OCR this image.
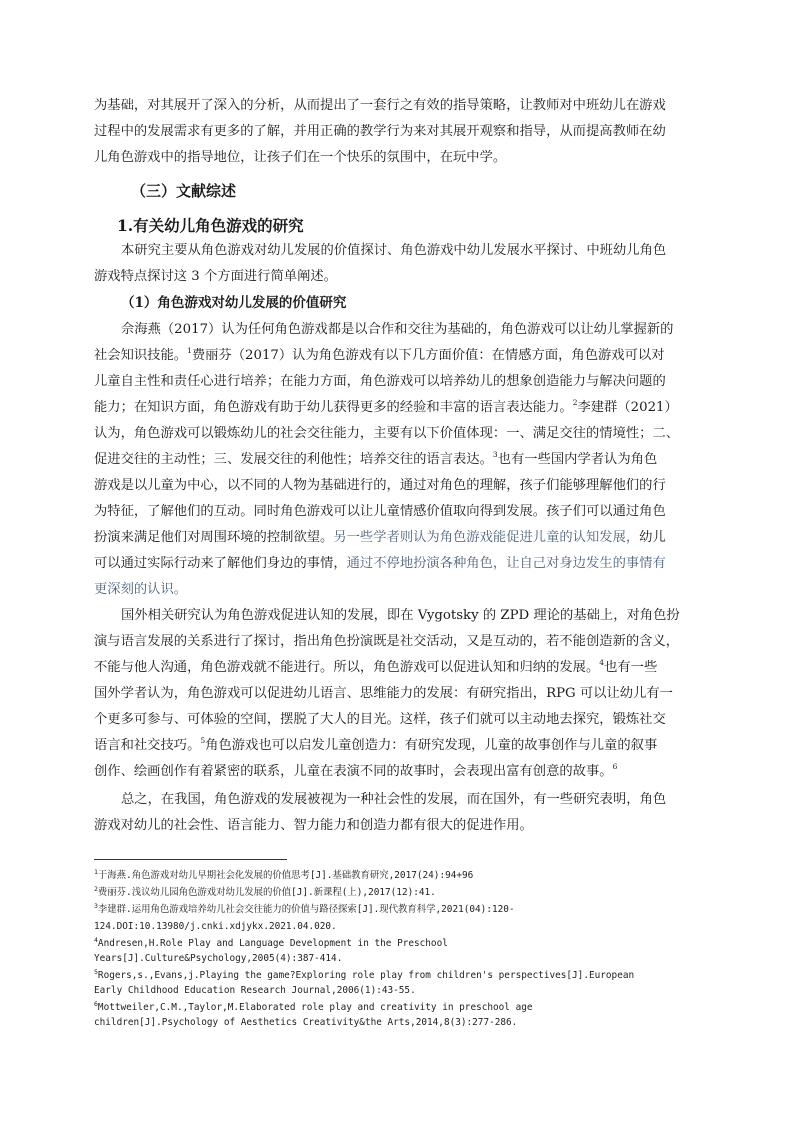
为基础，对其展开了深入的分析，从而提出了一套行之有效的指导策略，让教师对中班幼儿在游戏
过程中的发展需求有更多的了解，并用正确的教学行为来对其展开观察和指导，从而提高教师在幼
儿角色游戏中的指导地位，让孩子们在一个快乐的氛围中，在玩中学。
（三）文献综述
1.有关幼儿角色游戏的研究
本研究主要从角色游戏对幼儿发展的价值探讨、角色游戏中幼儿发展水平探讨、中班幼儿角色
游戏特点探讨这 3 个方面进行简单阐述。
（1）角色游戏对幼儿发展的价值研究
佘海燕（2017）认为任何角色游戏都是以合作和交往为基础的，角色游戏可以让幼儿掌握新的
社会知识技能。$^1$费丽芬（2017）认为角色游戏有以下几方面价值：在情感方面，角色游戏可以对
儿童自主性和责任心进行培养；在能力方面，角色游戏可以培养幼儿的想象创造能力与解决问题的
能力；在知识方面，角色游戏有助于幼儿获得更多的经验和丰富的语言表达能力。$^2$李建群（2021）
认为，角色游戏可以锻炼幼儿的社会交往能力，主要有以下价值体现：一、满足交往的情境性；二、
促进交往的主动性；三、发展交往的利他性；培养交往的语言表达。$^3$也有一些国内学者认为角色
游戏是以儿童为中心，以不同的人物为基础进行的，通过对角色的理解，孩子们能够理解他们的行
为特征，了解他们的互动。同时角色游戏可以让儿童情感价值取向得到发展。孩子们可以通过角色
扮演来满足他们对周围环境的控制欲望。另一些学者则认为角色游戏能促进儿童的认知发展，幼儿
可以通过实际行动来了解他们身边的事情，通过不停地扮演各种角色，让自己对身边发生的事情有
更深刻的认识。
国外相关研究认为角色游戏促进认知的发展，即在 Vygotsky 的 ZPD 理论的基础上，对角色扮
演与语言发展的关系进行了探讨，指出角色扮演既是社交活动，又是互动的，若不能创造新的含义，
不能与他人沟通，角色游戏就不能进行。所以，角色游戏可以促进认知和归纳的发展。$^4$也有一些
国外学者认为，角色游戏可以促进幼儿语言、思维能力的发展：有研究指出，RPG 可以让幼儿有一
个更多可参与、可体验的空间，摆脱了大人的目光。这样，孩子们就可以主动地去探究，锻炼社交
语言和社交技巧。$^5$角色游戏也可以启发儿童创造力：有研究发现，儿童的故事创作与儿童的叙事
创作、绘画创作有着紧密的联系，儿童在表演不同的故事时，会表现出富有创意的故事。$^6$
总之，在我国，角色游戏的发展被视为一种社会性的发展，而在国外，有一些研究表明，角色
游戏对幼儿的社会性、语言能力、智力能力和创造力都有很大的促进作用。
$^1$于海燕.角色游戏对幼儿早期社会化发展的价值思考[J].基础教育研究,2017(24):94+96
$^2$费丽芬.浅议幼儿园角色游戏对幼儿发展的价值[J].新课程(上),2017(12):41.
$^3$李建群.运用角色游戏培养幼儿社会交往能力的价值与路径探索[J].现代教育科学,2021(04):120-
124.DOI:10.13980/j.cnki.xdjykx.2021.04.020.
$^4$Andresen,H.Role Play and Language Development in the Preschool
Years[J].Culture&Psychology,2005(4):387-414.
$^5$Rogers,s.,Evans,j.Playing the game?Exploring role play from children's perspectives[J].European
Early Childhood Education Research Journal,2006(1):43-55.
$^6$Mottweiler,C.M.,Taylor,M.Elaborated role play and creativity in preschool age
children[J].Psychology of Aesthetics Creativity&the Arts,2014,8(3):277-286.
